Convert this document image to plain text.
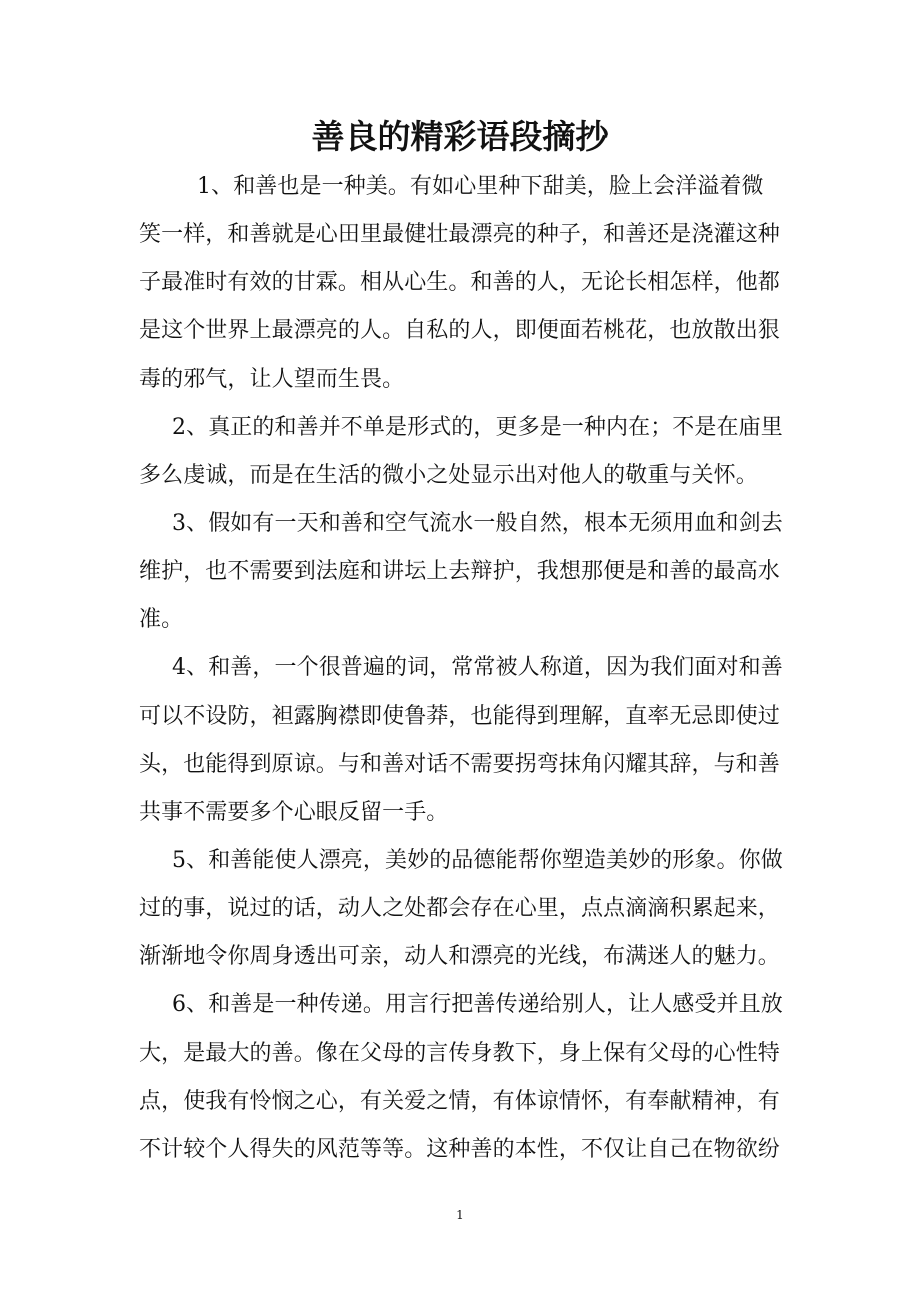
善良的精彩语段摘抄
1、和善也是一种美。有如心里种下甜美，脸上会洋溢着微
笑一样，和善就是心田里最健壮最漂亮的种子，和善还是浇灌这种
子最准时有效的甘霖。相从心生。和善的人，无论长相怎样，他都
是这个世界上最漂亮的人。自私的人，即便面若桃花，也放散出狠
毒的邪气，让人望而生畏。
2、真正的和善并不单是形式的，更多是一种内在；不是在庙里
多么虔诚，而是在生活的微小之处显示出对他人的敬重与关怀。
3、假如有一天和善和空气流水一般自然，根本无须用血和剑去
维护，也不需要到法庭和讲坛上去辩护，我想那便是和善的最高水
准。
4、和善，一个很普遍的词，常常被人称道，因为我们面对和善
可以不设防，袒露胸襟即使鲁莽，也能得到理解，直率无忌即使过
头，也能得到原谅。与和善对话不需要拐弯抹角闪耀其辞，与和善
共事不需要多个心眼反留一手。
5、和善能使人漂亮，美妙的品德能帮你塑造美妙的形象。你做
过的事，说过的话，动人之处都会存在心里，点点滴滴积累起来，
渐渐地令你周身透出可亲，动人和漂亮的光线，布满迷人的魅力。
6、和善是一种传递。用言行把善传递给别人，让人感受并且放
大，是最大的善。像在父母的言传身教下，身上保有父母的心性特
点，使我有怜悯之心，有关爱之情，有体谅情怀，有奉献精神，有
不计较个人得失的风范等等。这种善的本性，不仅让自己在物欲纷
1
